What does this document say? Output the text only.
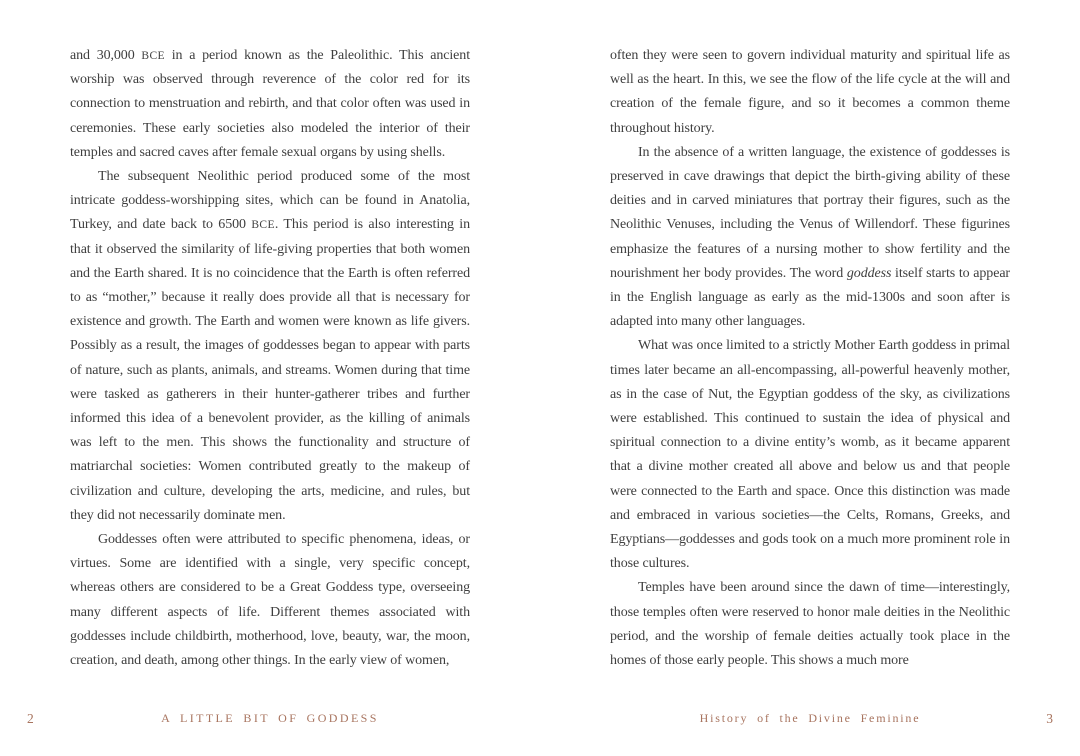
and 30,000 BCE in a period known as the Paleolithic. This ancient worship was observed through reverence of the color red for its connection to menstruation and rebirth, and that color often was used in ceremonies. These early societies also modeled the interior of their temples and sacred caves after female sexual organs by using shells.

The subsequent Neolithic period produced some of the most intricate goddess-worshipping sites, which can be found in Anatolia, Turkey, and date back to 6500 BCE. This period is also interesting in that it observed the similarity of life-giving properties that both women and the Earth shared. It is no coincidence that the Earth is often referred to as “mother,” because it really does provide all that is necessary for existence and growth. The Earth and women were known as life givers. Possibly as a result, the images of goddesses began to appear with parts of nature, such as plants, animals, and streams. Women during that time were tasked as gatherers in their hunter-gatherer tribes and further informed this idea of a benevolent provider, as the killing of animals was left to the men. This shows the functionality and structure of matriarchal societies: Women contributed greatly to the makeup of civilization and culture, developing the arts, medicine, and rules, but they did not necessarily dominate men.

Goddesses often were attributed to specific phenomena, ideas, or virtues. Some are identified with a single, very specific concept, whereas others are considered to be a Great Goddess type, overseeing many different aspects of life. Different themes associated with goddesses include childbirth, motherhood, love, beauty, war, the moon, creation, and death, among other things. In the early view of women,

2	A LITTLE BIT OF GODDESS

often they were seen to govern individual maturity and spiritual life as well as the heart. In this, we see the flow of the life cycle at the will and creation of the female figure, and so it becomes a common theme throughout history.

In the absence of a written language, the existence of goddesses is preserved in cave drawings that depict the birth-giving ability of these deities and in carved miniatures that portray their figures, such as the Neolithic Venuses, including the Venus of Willendorf. These figurines emphasize the features of a nursing mother to show fertility and the nourishment her body provides. The word goddess itself starts to appear in the English language as early as the mid-1300s and soon after is adapted into many other languages.

What was once limited to a strictly Mother Earth goddess in primal times later became an all-encompassing, all-powerful heavenly mother, as in the case of Nut, the Egyptian goddess of the sky, as civilizations were established. This continued to sustain the idea of physical and spiritual connection to a divine entity’s womb, as it became apparent that a divine mother created all above and below us and that people were connected to the Earth and space. Once this distinction was made and embraced in various societies—the Celts, Romans, Greeks, and Egyptians—goddesses and gods took on a much more prominent role in those cultures.

Temples have been around since the dawn of time—interestingly, those temples often were reserved to honor male deities in the Neolithic period, and the worship of female deities actually took place in the homes of those early people. This shows a much more

History of the Divine Feminine	3
